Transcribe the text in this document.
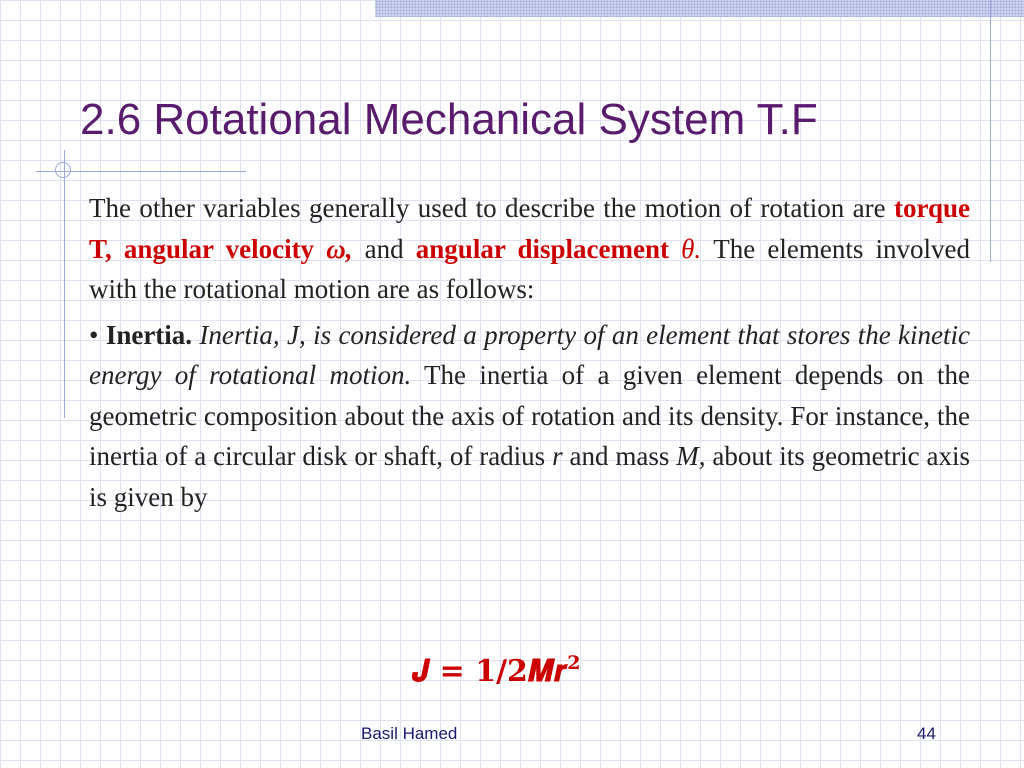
2.6 Rotational Mechanical System T.F

The other variables generally used to describe the motion of rotation are torque T, angular velocity ω, and angular displacement θ. The elements involved with the rotational motion are as follows:

• Inertia. Inertia, J, is considered a property of an element that stores the kinetic energy of rotational motion. The inertia of a given element depends on the geometric composition about the axis of rotation and its density. For instance, the inertia of a circular disk or shaft, of radius r and mass M, about its geometric axis is given by

𝑱 = 𝟏/𝟐𝑴𝒓$^𝟐$
Basil Hamed	44
